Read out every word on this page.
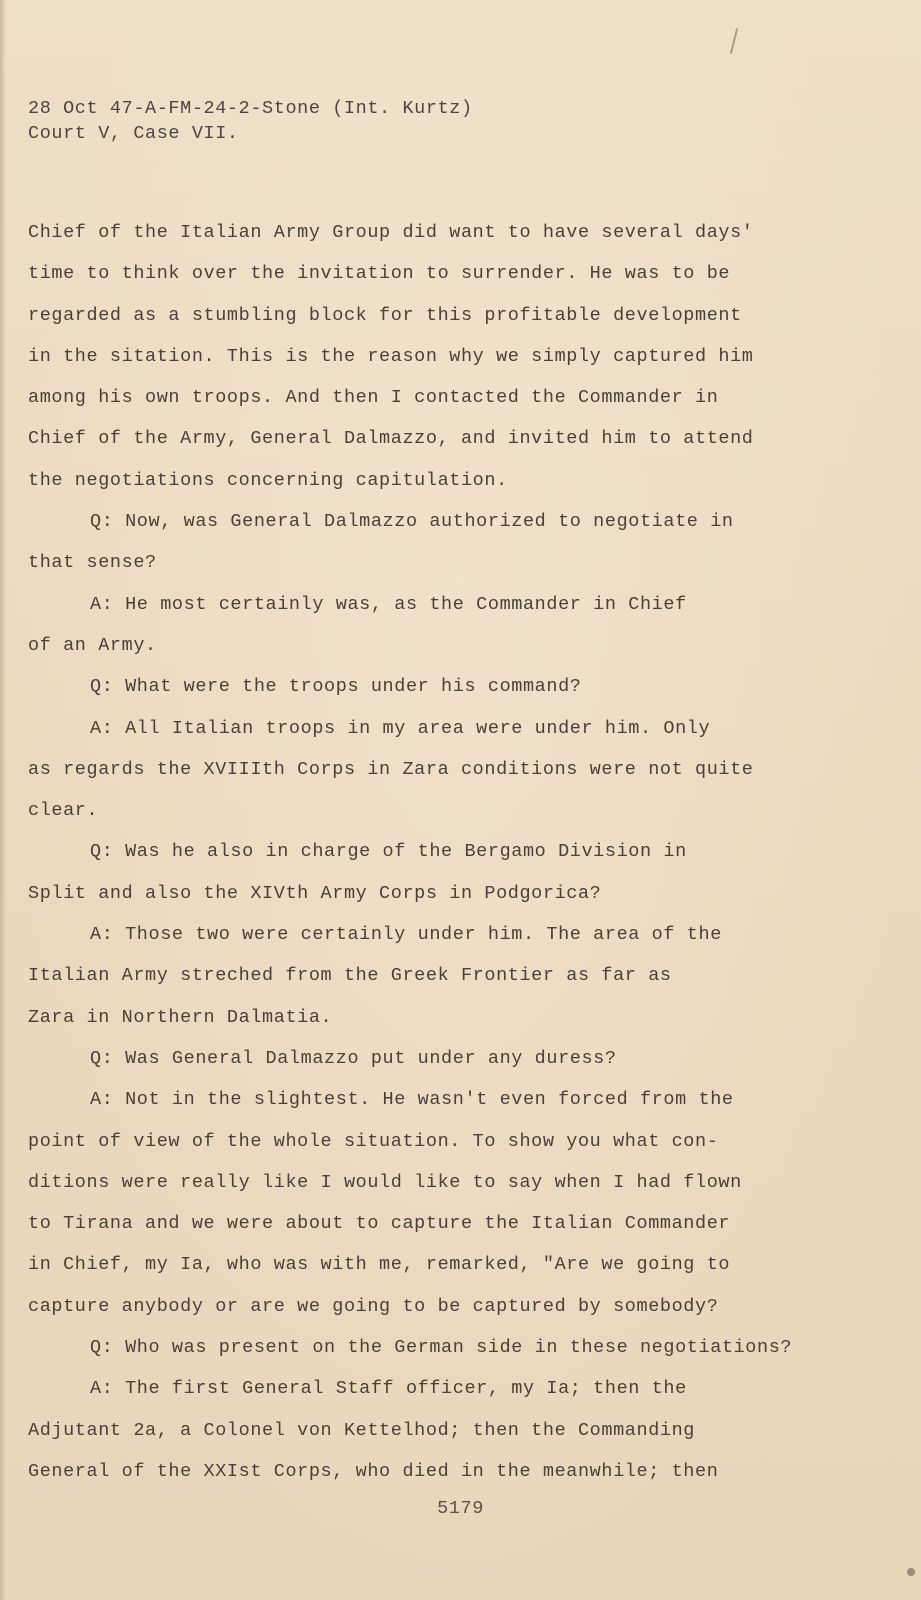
28 Oct 47-A-FM-24-2-Stone (Int. Kurtz)
Court V, Case VII.
Chief of the Italian Army Group did want to have several days'
time to think over the invitation to surrender. He was to be
regarded as a stumbling block for this profitable development
in the sitation. This is the reason why we simply captured him
among his own troops. And then I contacted the Commander in
Chief of the Army, General Dalmazzo, and invited him to attend
the negotiations concerning capitulation.
Q: Now, was General Dalmazzo authorized to negotiate in
that sense?
A: He most certainly was, as the Commander in Chief
of an Army.
Q: What were the troops under his command?
A: All Italian troops in my area were under him. Only
as regards the XVIIIth Corps in Zara conditions were not quite
clear.
Q: Was he also in charge of the Bergamo Division in
Split and also the XIVth Army Corps in Podgorica?
A: Those two were certainly under him. The area of the
Italian Army streched from the Greek Frontier as far as
Zara in Northern Dalmatia.
Q: Was General Dalmazzo put under any duress?
A: Not in the slightest. He wasn't even forced from the
point of view of the whole situation. To show you what con-
ditions were really like I would like to say when I had flown
to Tirana and we were about to capture the Italian Commander
in Chief, my Ia, who was with me, remarked, "Are we going to
capture anybody or are we going to be captured by somebody?
Q: Who was present on the German side in these negotiations?
A: The first General Staff officer, my Ia; then the
Adjutant 2a, a Colonel von Kettelhod; then the Commanding
General of the XXIst Corps, who died in the meanwhile; then
5179
